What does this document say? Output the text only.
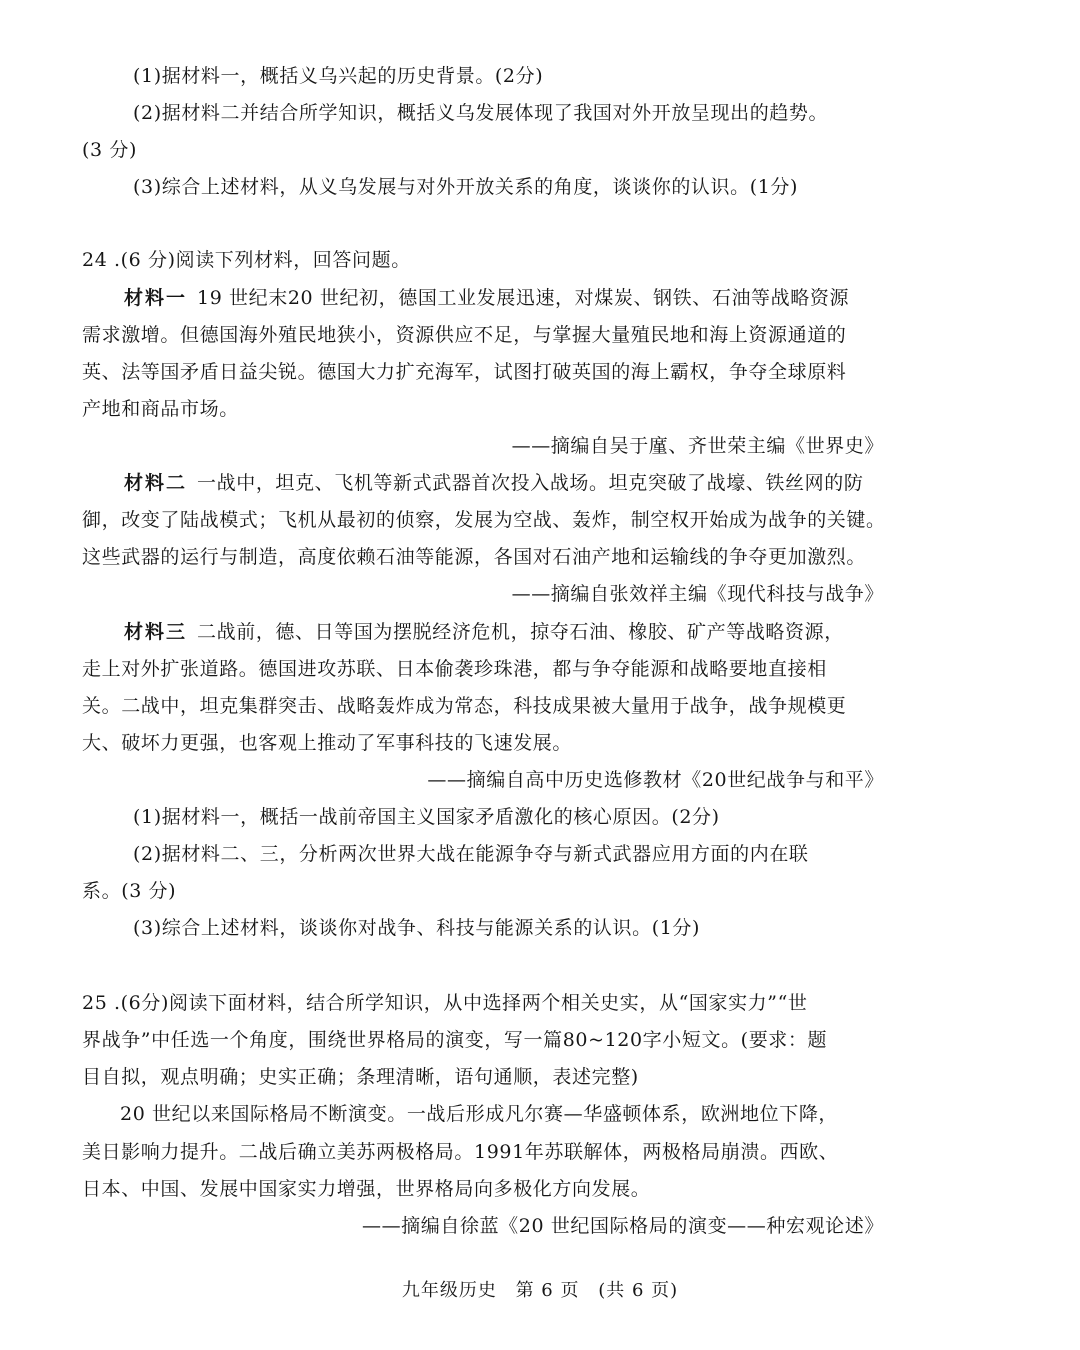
(1)据材料一，概括义乌兴起的历史背景。(2分)
(2)据材料二并结合所学知识，概括义乌发展体现了我国对外开放呈现出的趋势。
(3 分)
(3)综合上述材料，从义乌发展与对外开放关系的角度，谈谈你的认识。(1分)
24 .(6 分)阅读下列材料，回答问题。
材料一 19 世纪末20 世纪初，德国工业发展迅速，对煤炭、钢铁、石油等战略资源
需求激增。但德国海外殖民地狭小，资源供应不足，与掌握大量殖民地和海上资源通道的
英、法等国矛盾日益尖锐。德国大力扩充海军，试图打破英国的海上霸权，争夺全球原料
产地和商品市场。
——摘编自吴于廑、齐世荣主编《世界史》
材料二 一战中，坦克、飞机等新式武器首次投入战场。坦克突破了战壕、铁丝网的防
御，改变了陆战模式；飞机从最初的侦察，发展为空战、轰炸，制空权开始成为战争的关键。
这些武器的运行与制造，高度依赖石油等能源，各国对石油产地和运输线的争夺更加激烈。
——摘编自张效祥主编《现代科技与战争》
材料三 二战前，德、日等国为摆脱经济危机，掠夺石油、橡胶、矿产等战略资源，
走上对外扩张道路。德国进攻苏联、日本偷袭珍珠港，都与争夺能源和战略要地直接相
关。二战中，坦克集群突击、战略轰炸成为常态，科技成果被大量用于战争，战争规模更
大、破坏力更强，也客观上推动了军事科技的飞速发展。
——摘编自高中历史选修教材《20世纪战争与和平》
(1)据材料一，概括一战前帝国主义国家矛盾激化的核心原因。(2分)
(2)据材料二、三，分析两次世界大战在能源争夺与新式武器应用方面的内在联
系。(3 分)
(3)综合上述材料，谈谈你对战争、科技与能源关系的认识。(1分)
25 .(6分)阅读下面材料，结合所学知识，从中选择两个相关史实，从“国家实力”“世
界战争”中任选一个角度，围绕世界格局的演变，写一篇80~120字小短文。(要求：题
目自拟，观点明确；史实正确；条理清晰，语句通顺，表述完整)
20 世纪以来国际格局不断演变。一战后形成凡尔赛—华盛顿体系，欧洲地位下降，
美日影响力提升。二战后确立美苏两极格局。1991年苏联解体，两极格局崩溃。西欧、
日本、中国、发展中国家实力增强，世界格局向多极化方向发展。
——摘编自徐蓝《20 世纪国际格局的演变——种宏观论述》
九年级历史 第 6 页 (共 6 页)
